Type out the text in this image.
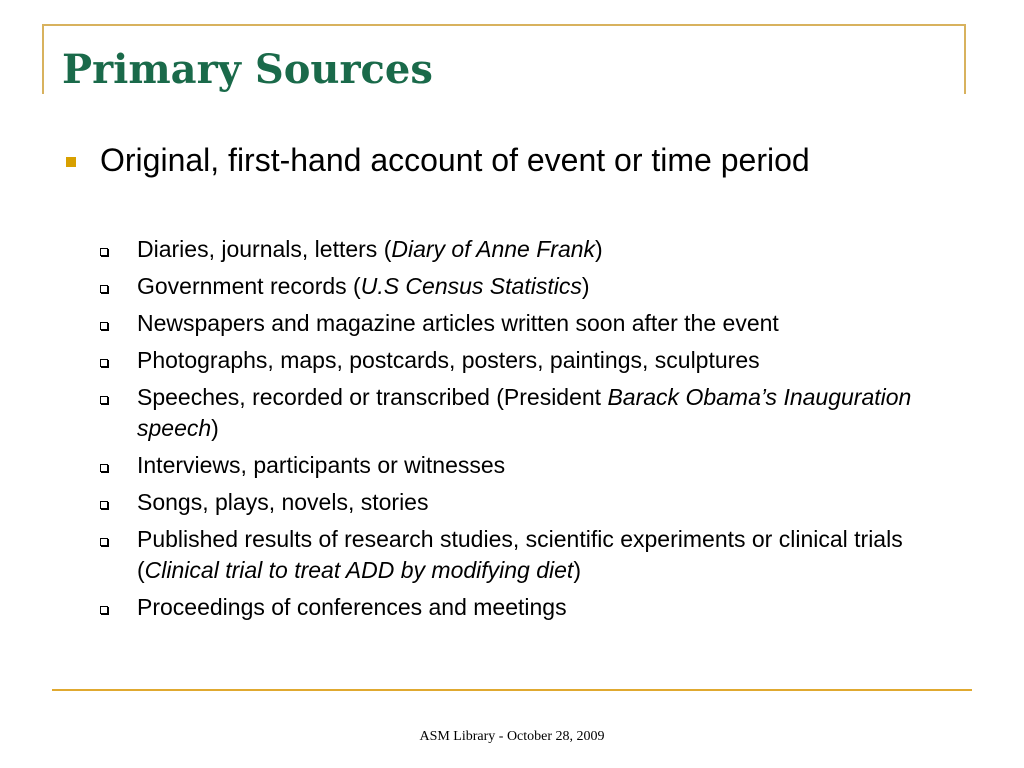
Primary Sources
Original, first-hand account of event or time period
Diaries, journals, letters (Diary of Anne Frank)
Government records (U.S Census Statistics)
Newspapers and magazine articles written soon after the event
Photographs, maps, postcards, posters, paintings, sculptures
Speeches, recorded or transcribed (President Barack Obama’s Inauguration speech)
Interviews, participants or witnesses
Songs, plays, novels, stories
Published results of research studies, scientific experiments or clinical trials (Clinical trial to treat ADD by modifying diet)
Proceedings of conferences and meetings
ASM Library - October 28, 2009
